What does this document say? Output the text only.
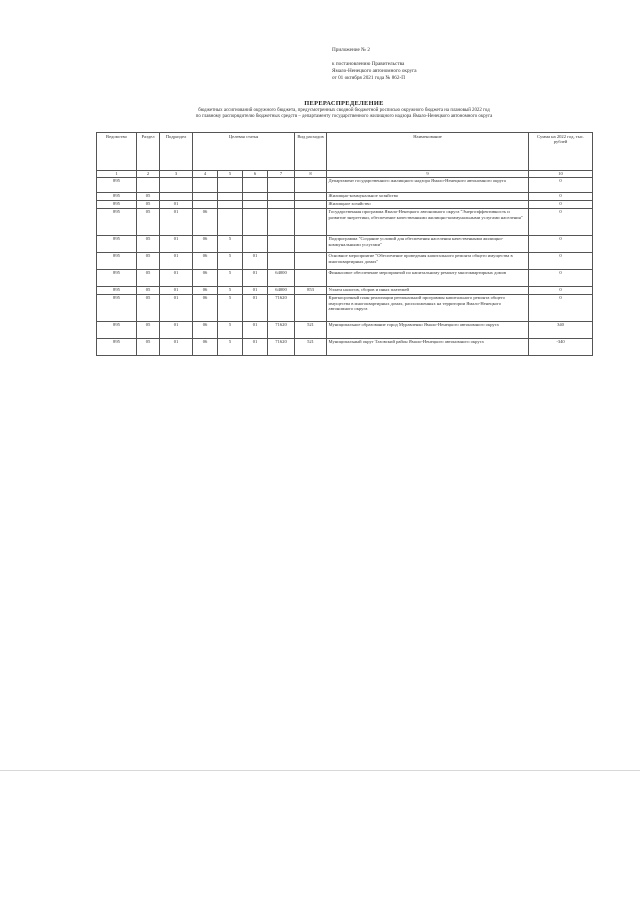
Приложение № 2
к постановлению Правительства
Ямало-Ненецкого автономного округа
от 01 октября 2021 года № 862-П
ПЕРЕРАСПРЕДЕЛЕНИЕ
бюджетных ассигнований окружного бюджета, предусмотренных сводной бюджетной росписью окружного бюджета на плановый 2022 год
по главному распорядителю бюджетных средств – департаменту государственного жилищного надзора Ямало-Ненецкого автономного округа
Ведомство	Раздел	Подраздел	Целевая статья				Вид расходов	Наименование	Сумма на 2022 год, тыс. рублей
1	2	3	4	5	6	7	8	9	10
895								Департамент государственного жилищного надзора Ямало-Ненецкого автономного округа	0
895	05							Жилищно-коммунальное хозяйство	0
895	05	01						Жилищное хозяйство	0
895	05	01	06					Государственная программа Ямало-Ненецкого автономного округа "Энергоэффективность и развитие энергетики, обеспечение качественными жилищно-коммунальными услугами населения"	0
895	05	01	06	5				Подпрограмма "Создание условий для обеспечения населения качественными жилищно-коммунальными услугами"	0
895	05	01	06	5	01			Основное мероприятие "Обеспечение проведения капитального ремонта общего имущества в многоквартирных домах"	0
895	05	01	06	5	01	64000		Финансовое обеспечение мероприятий по капитальному ремонту многоквартирных домов	0
895	05	01	06	5	01	64000	853	Уплата налогов, сборов и иных платежей	0
895	05	01	06	5	01	71620		Краткосрочный план реализации региональной программы капитального ремонта общего имущества в многоквартирных домах, расположенных на территории Ямало-Ненецкого автономного округа	0
895	05	01	06	5	01	71620	521	Муниципальное образование город Муравленко Ямало-Ненецкого автономного округа	340
895	05	01	06	5	01	71620	521	Муниципальный округ Тазовский район Ямало-Ненецкого автономного округа	-340
